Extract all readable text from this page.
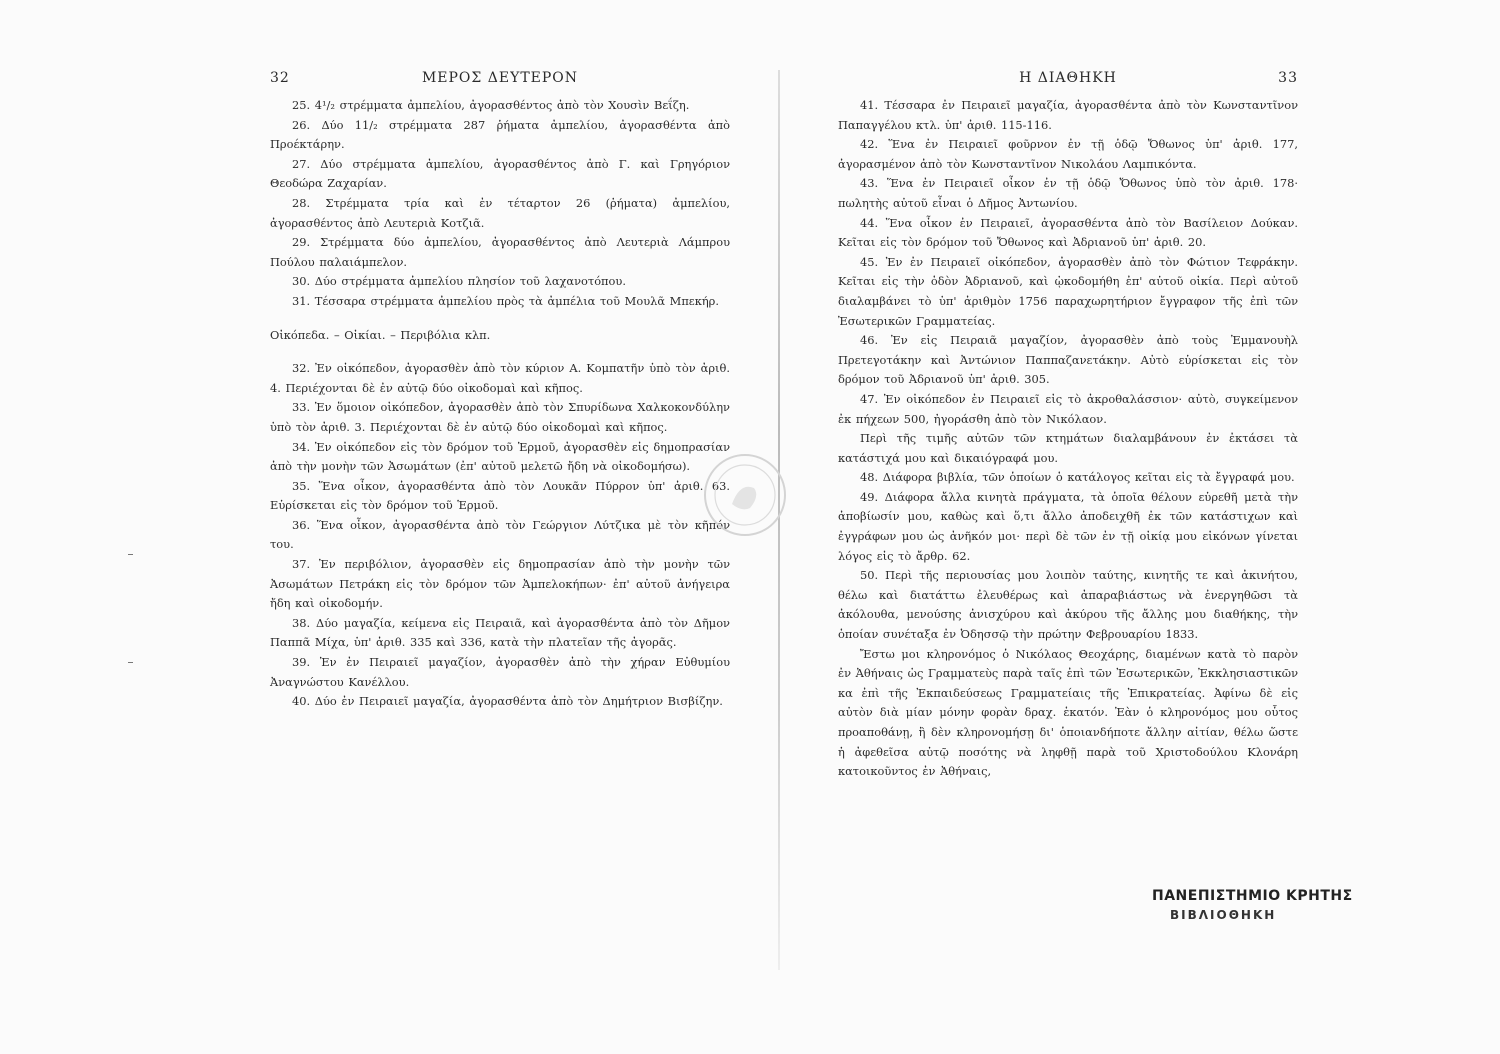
32	ΜΕΡΟΣ ΔΕΥΤΕΡΟΝ

25. 4¹/₂ στρέμματα ἀμπελίου, ἀγορασθέντος ἀπὸ τὸν Χουσὶν Βεΐζη.

26. Δύο 11/₂ στρέμματα 287 ῥήματα ἀμπελίου, ἀγορασθέντα ἀπὸ Προέκτάρην.

27. Δύο στρέμματα ἀμπελίου, ἀγορασθέντος ἀπὸ Γ. καὶ Γρηγόριον Θεοδώρα Ζαχαρίαν.

28. Στρέμματα τρία καὶ ἐν τέταρτον 26 (ῥήματα) ἀμπελίου, ἀγορασθέντος ἀπὸ Λευτεριὰ Κοτζιᾶ.

29. Στρέμματα δύο ἀμπελίου, ἀγορασθέντος ἀπὸ Λευτεριὰ Λάμπρου Πούλου παλαιάμπελον.

30. Δύο στρέμματα ἀμπελίου πλησίον τοῦ λαχανοτόπου.

31. Τέσσαρα στρέμματα ἀμπελίου πρὸς τὰ ἀμπέλια τοῦ Μουλᾶ Μπεκήρ.

Οἰκόπεδα. – Οἰκίαι. – Περιβόλια κλπ.

32. Ἐν οἰκόπεδον, ἀγορασθὲν ἀπὸ τὸν κύριον Α. Κομπατῆν ὑπὸ τὸν ἀριθ. 4. Περιέχονται δὲ ἐν αὐτῷ δύο οἰκοδομαὶ καὶ κῆπος.

33. Ἐν ὅμοιον οἰκόπεδον, ἀγορασθὲν ἀπὸ τὸν Σπυρίδωνα Χαλκοκονδύλην ὑπὸ τὸν ἀριθ. 3. Περιέχονται δὲ ἐν αὐτῷ δύο οἰκοδομαὶ καὶ κῆπος.

34. Ἐν οἰκόπεδον εἰς τὸν δρόμον τοῦ Ἑρμοῦ, ἀγορασθὲν εἰς δημοπρασίαν ἀπὸ τὴν μονὴν τῶν Ἀσωμάτων (ἐπ' αὐτοῦ μελετῶ ἤδη νὰ οἰκοδομήσω).

35. Ἕνα οἶκον, ἀγορασθέντα ἀπὸ τὸν Λουκᾶν Πύρρον ὑπ' ἀριθ. 63. Εὑρίσκεται εἰς τὸν δρόμον τοῦ Ἑρμοῦ.

36. Ἕνα οἶκον, ἀγορασθέντα ἀπὸ τὸν Γεώργιον Λύτζικα μὲ τὸν κῆπόν του.

37. Ἐν περιβόλιον, ἀγορασθὲν εἰς δημοπρασίαν ἀπὸ τὴν μονὴν τῶν Ἀσωμάτων Πετράκη εἰς τὸν δρόμον τῶν Ἀμπελοκήπων· ἐπ' αὐτοῦ ἀνήγειρα ἤδη καὶ οἰκοδομήν.

38. Δύο μαγαζία, κείμενα εἰς Πειραιᾶ, καὶ ἀγορασθέντα ἀπὸ τὸν Δῆμον Παππᾶ Μίχα, ὑπ' ἀριθ. 335 καὶ 336, κατὰ τὴν πλατεῖαν τῆς ἀγορᾶς.

39. Ἐν ἐν Πειραιεῖ μαγαζίον, ἀγορασθὲν ἀπὸ τὴν χήραν Εὐθυμίου Ἀναγνώστου Κανέλλου.

40. Δύο ἐν Πειραιεῖ μαγαζία, ἀγορασθέντα ἀπὸ τὸν Δημήτριον Βισβίζην.

Η ΔΙΑΘΗΚΗ	33

41. Τέσσαρα ἐν Πειραιεῖ μαγαζία, ἀγορασθέντα ἀπὸ τὸν Κωνσταντῖνον Παπαγγέλου κτλ. ὑπ' ἀριθ. 115-116.

42. Ἕνα ἐν Πειραιεῖ φοῦρνον ἐν τῇ ὁδῷ Ὄθωνος ὑπ' ἀριθ. 177, ἀγορασμένον ἀπὸ τὸν Κωνσταντῖνον Νικολάου Λαμπικόντα.

43. Ἕνα ἐν Πειραιεῖ οἶκον ἐν τῇ ὁδῷ Ὄθωνος ὑπὸ τὸν ἀριθ. 178· πωλητὴς αὐτοῦ εἶναι ὁ Δῆμος Ἀντωνίου.

44. Ἕνα οἶκον ἐν Πειραιεῖ, ἀγορασθέντα ἀπὸ τὸν Βασίλειον Δούκαν. Κεῖται εἰς τὸν δρόμον τοῦ Ὄθωνος καὶ Ἀδριανοῦ ὑπ' ἀριθ. 20.

45. Ἐν ἐν Πειραιεῖ οἰκόπεδον, ἀγορασθὲν ἀπὸ τὸν Φώτιον Τεφράκην. Κεῖται εἰς τὴν ὁδὸν Ἀδριανοῦ, καὶ ᾠκοδομήθη ἐπ' αὐτοῦ οἰκία. Περὶ αὐτοῦ διαλαμβάνει τὸ ὑπ' ἀριθμὸν 1756 παραχωρητήριον ἔγγραφον τῆς ἐπὶ τῶν Ἐσωτερικῶν Γραμματείας.

46. Ἐν εἰς Πειραιᾶ μαγαζίον, ἀγορασθὲν ἀπὸ τοὺς Ἐμμανουὴλ Πρετεγοτάκην καὶ Ἀντώνιον Παππαζανετάκην. Αὐτὸ εὑρίσκεται εἰς τὸν δρόμον τοῦ Ἀδριανοῦ ὑπ' ἀριθ. 305.

47. Ἐν οἰκόπεδον ἐν Πειραιεῖ εἰς τὸ ἀκροθαλάσσιον· αὐτὸ, συγκείμενον ἐκ πήχεων 500, ἠγοράσθη ἀπὸ τὸν Νικόλαον.

Περὶ τῆς τιμῆς αὐτῶν τῶν κτημάτων διαλαμβάνουν ἐν ἐκτάσει τὰ κατάστιχά μου καὶ δικαιόγραφά μου.

48. Διάφορα βιβλία, τῶν ὁποίων ὁ κατάλογος κεῖται εἰς τὰ ἔγγραφά μου.

49. Διάφορα ἄλλα κινητὰ πράγματα, τὰ ὁποῖα θέλουν εὑρεθῆ μετὰ τὴν ἀποβίωσίν μου, καθὼς καὶ ὅ,τι ἄλλο ἀποδειχθῆ ἐκ τῶν κατάστιχων καὶ ἐγγράφων μου ὡς ἀνῆκόν μοι· περὶ δὲ τῶν ἐν τῇ οἰκίᾳ μου εἰκόνων γίνεται λόγος εἰς τὸ ἄρθρ. 62.

50. Περὶ τῆς περιουσίας μου λοιπὸν ταύτης, κινητῆς τε καὶ ἀκινήτου, θέλω καὶ διατάττω ἐλευθέρως καὶ ἀπαραβιάστως νὰ ἐνεργηθῶσι τὰ ἀκόλουθα, μενούσης ἀνισχύρου καὶ ἀκύρου τῆς ἄλλης μου διαθήκης, τὴν ὁποίαν συνέταξα ἐν Ὀδησσῷ τὴν πρώτην Φεβρουαρίου 1833.

Ἔστω μοι κληρονόμος ὁ Νικόλαος Θεοχάρης, διαμένων κατὰ τὸ παρὸν ἐν Ἀθήναις ὡς Γραμματεὺς παρὰ ταῖς ἐπὶ τῶν Ἐσωτερικῶν, Ἐκκλησιαστικῶν κα ἐπὶ τῆς Ἐκπαιδεύσεως Γραμματείαις τῆς Ἐπικρατείας. Ἀφίνω δὲ εἰς αὐτὸν διὰ μίαν μόνην φορὰν δραχ. ἑκατόν. Ἐὰν ὁ κληρονόμος μου οὗτος προαποθάνῃ, ἢ δὲν κληρονομήσῃ δι' ὁποιανδήποτε ἄλλην αἰτίαν, θέλω ὥστε ἡ ἀφεθεῖσα αὐτῷ ποσότης νὰ ληφθῇ παρὰ τοῦ Χριστοδούλου Κλονάρη κατοικοῦντος ἐν Ἀθήναις,

ΠΑΝΕΠΙΣΤΗΜΙΟ ΚΡΗΤΗΣ
ΒΙΒΛΙΟΘΗΚΗ
